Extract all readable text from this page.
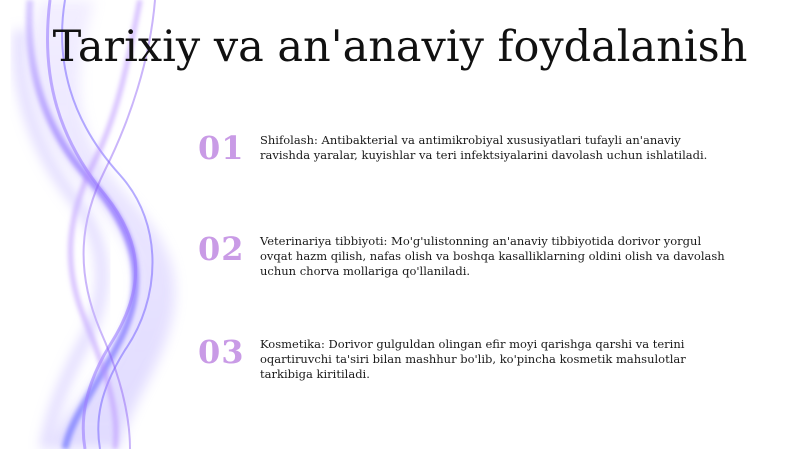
Tarixiy va an'anaviy foydalanish
01	Shifolash: Antibakterial va antimikrobiyal xususiyatlari tufayli an'anaviy ravishda yaralar, kuyishlar va teri infektsiyalarini davolash uchun ishlatiladi.
02	Veterinariya tibbiyoti: Mo'g'ulistonning an'anaviy tibbiyotida dorivor yorgul ovqat hazm qilish, nafas olish va boshqa kasalliklarning oldini olish va davolash uchun chorva mollariga qo'llaniladi.
03	Kosmetika: Dorivor gulguldan olingan efir moyi qarishga qarshi va terini oqartiruvchi ta'siri bilan mashhur bo'lib, ko'pincha kosmetik mahsulotlar tarkibiga kiritiladi.
